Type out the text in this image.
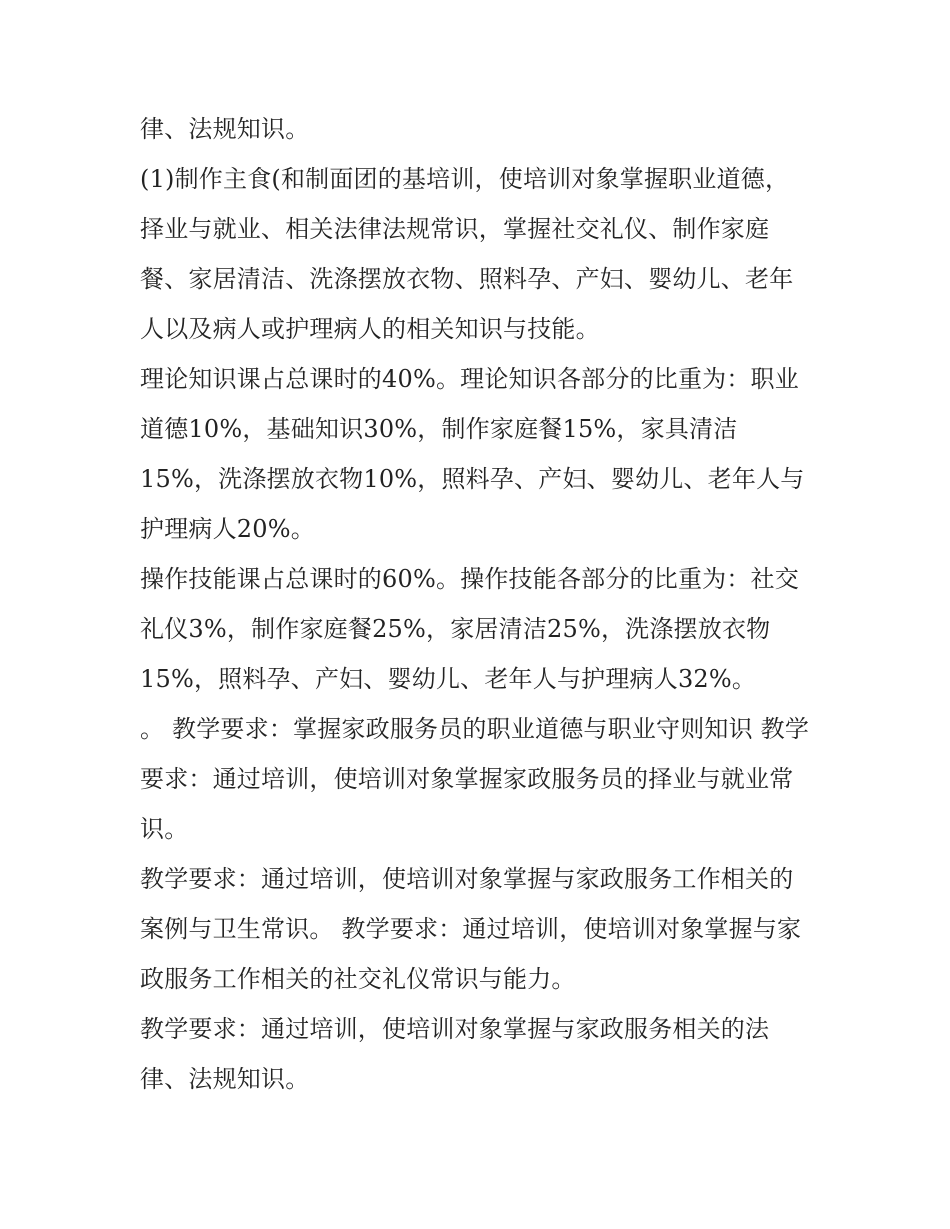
律、法规知识。

(1)制作主食(和制面团的基培训，使培训对象掌握职业道德，择业与就业、相关法律法规常识，掌握社交礼仪、制作家庭餐、家居清洁、洗涤摆放衣物、照料孕、产妇、婴幼儿、老年人以及病人或护理病人的相关知识与技能。

理论知识课占总课时的40%。理论知识各部分的比重为：职业道德10%，基础知识30%，制作家庭餐15%，家具清洁15%，洗涤摆放衣物10%，照料孕、产妇、婴幼儿、老年人与护理病人20%。

操作技能课占总课时的60%。操作技能各部分的比重为：社交礼仪3%，制作家庭餐25%，家居清洁25%，洗涤摆放衣物15%，照料孕、产妇、婴幼儿、老年人与护理病人32%。

。 教学要求：掌握家政服务员的职业道德与职业守则知识 教学要求：通过培训，使培训对象掌握家政服务员的择业与就业常识。

教学要求：通过培训，使培训对象掌握与家政服务工作相关的案例与卫生常识。 教学要求：通过培训，使培训对象掌握与家政服务工作相关的社交礼仪常识与能力。

教学要求：通过培训，使培训对象掌握与家政服务相关的法律、法规知识。
